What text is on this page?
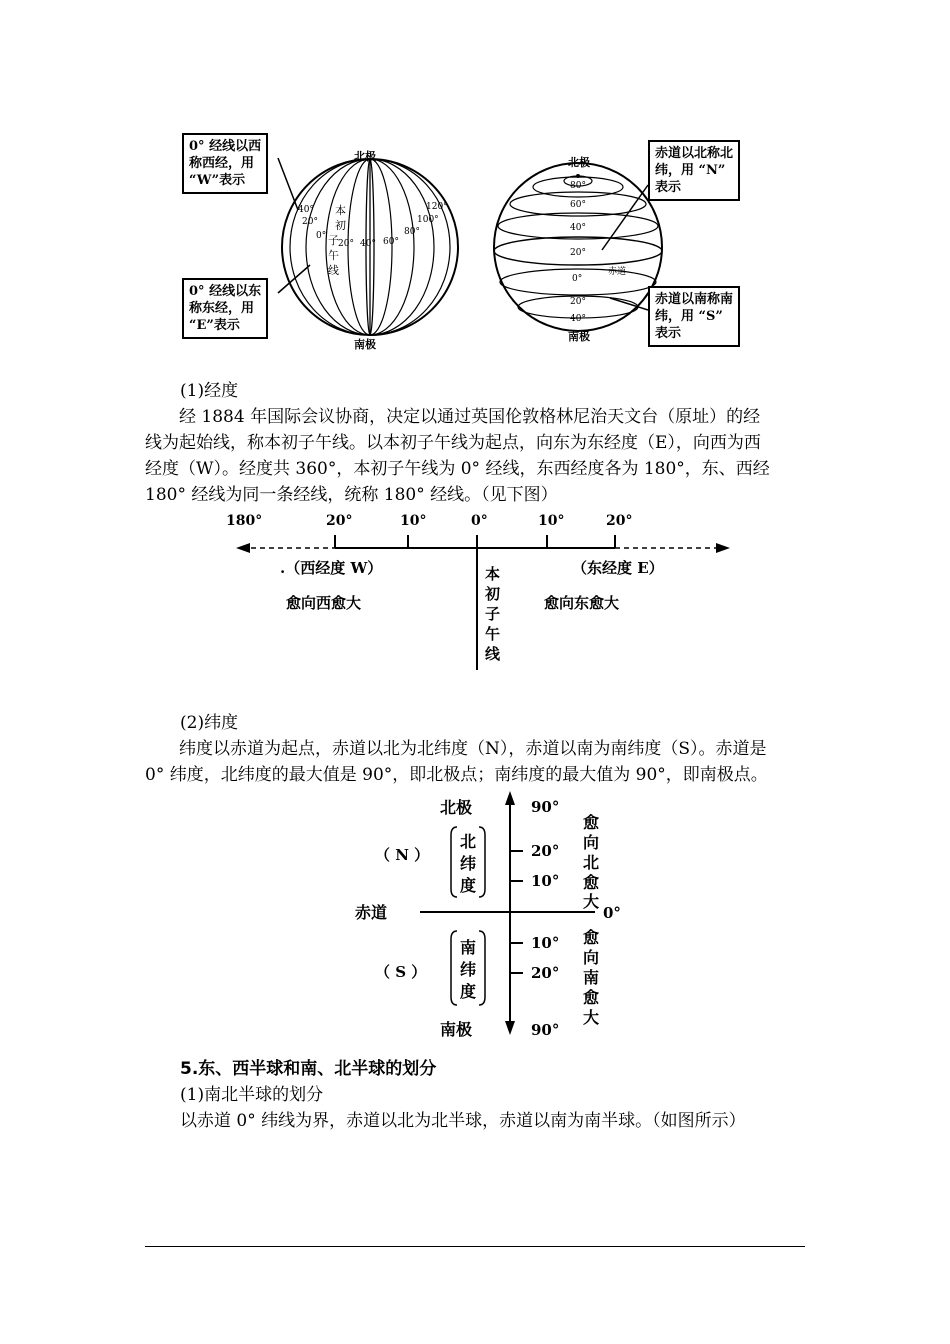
北极
南极
本
初
子
午
线
40°
20°
0°
20° 40° 60°
80°
100°
120°
北极
南极
80°
60°
40°
20°
0°
20°
40°
赤道
0° 经线以西
称西经，用
“W”表示
0° 经线以东
称东经，用
“E”表示
赤道以北称北
纬，用 “N”
表示
赤道以南称南
纬，用 “S”
表示
(1)经度
经 1884 年国际会议协商，决定以通过英国伦敦格林尼治天文台（原址）的经
线为起始线，称本初子午线。以本初子午线为起点，向东为东经度（E），向西为西
经度（W）。经度共 360°，本初子午线为 0° 经线，东西经度各为 180°，东、西经
180° 经线为同一条经线，统称 180° 经线。（见下图）
180°	20°	10°	0°	10°	20°
.（西经度 W）
愈向西愈大
（东经度 E）
愈向东愈大
本
初
子
午
线
(2)纬度
纬度以赤道为起点，赤道以北为北纬度（N），赤道以南为南纬度（S）。赤道是
0° 纬度，北纬度的最大值是 90°，即北极点；南纬度的最大值为 90°，即南极点。
北极
南极
赤道
（ N ）
（ S ）
北
纬
度
南
纬
度
90°
20°
10°
0°
10°
20°
90°
愈
向
北
愈
大
愈
向
南
愈
大
5.东、西半球和南、北半球的划分
(1)南北半球的划分
以赤道 0° 纬线为界，赤道以北为北半球，赤道以南为南半球。（如图所示）
